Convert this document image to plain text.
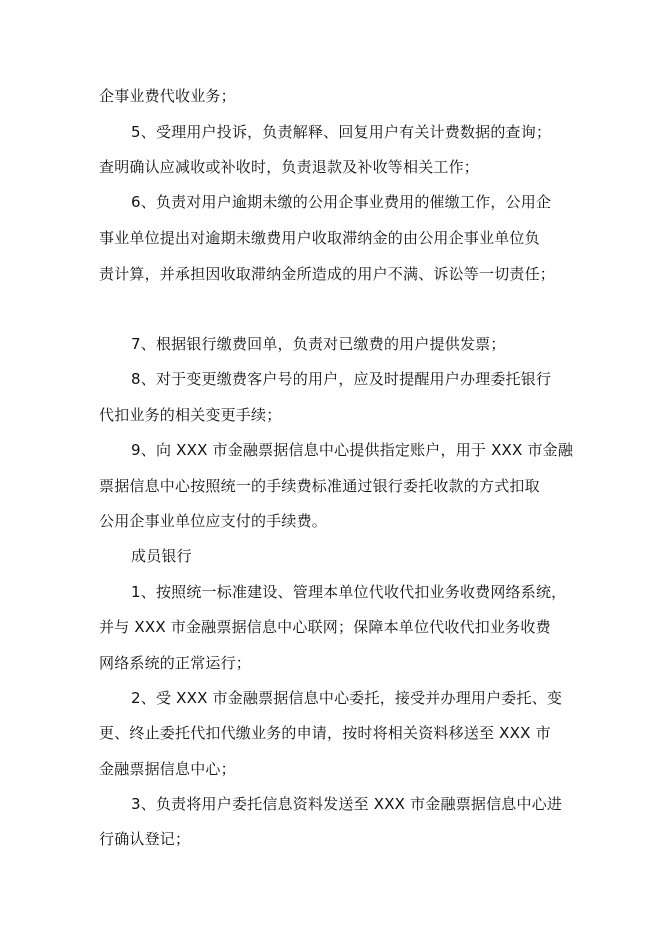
企事业费代收业务；
5、受理用户投诉，负责解释、回复用户有关计费数据的查询；
查明确认应减收或补收时，负责退款及补收等相关工作；
6、负责对用户逾期未缴的公用企事业费用的催缴工作，公用企
事业单位提出对逾期未缴费用户收取滞纳金的由公用企事业单位负
责计算，并承担因收取滞纳金所造成的用户不满、诉讼等一切责任；
7、根据银行缴费回单，负责对已缴费的用户提供发票；
8、对于变更缴费客户号的用户，应及时提醒用户办理委托银行
代扣业务的相关变更手续；
9、向 XXX 市金融票据信息中心提供指定账户，用于 XXX 市金融
票据信息中心按照统一的手续费标准通过银行委托收款的方式扣取
公用企事业单位应支付的手续费。
成员银行
1、按照统一标准建设、管理本单位代收代扣业务收费网络系统，
并与 XXX 市金融票据信息中心联网；保障本单位代收代扣业务收费
网络系统的正常运行；
2、受 XXX 市金融票据信息中心委托，接受并办理用户委托、变
更、终止委托代扣代缴业务的申请，按时将相关资料移送至 XXX 市
金融票据信息中心；
3、负责将用户委托信息资料发送至 XXX 市金融票据信息中心进
行确认登记；
